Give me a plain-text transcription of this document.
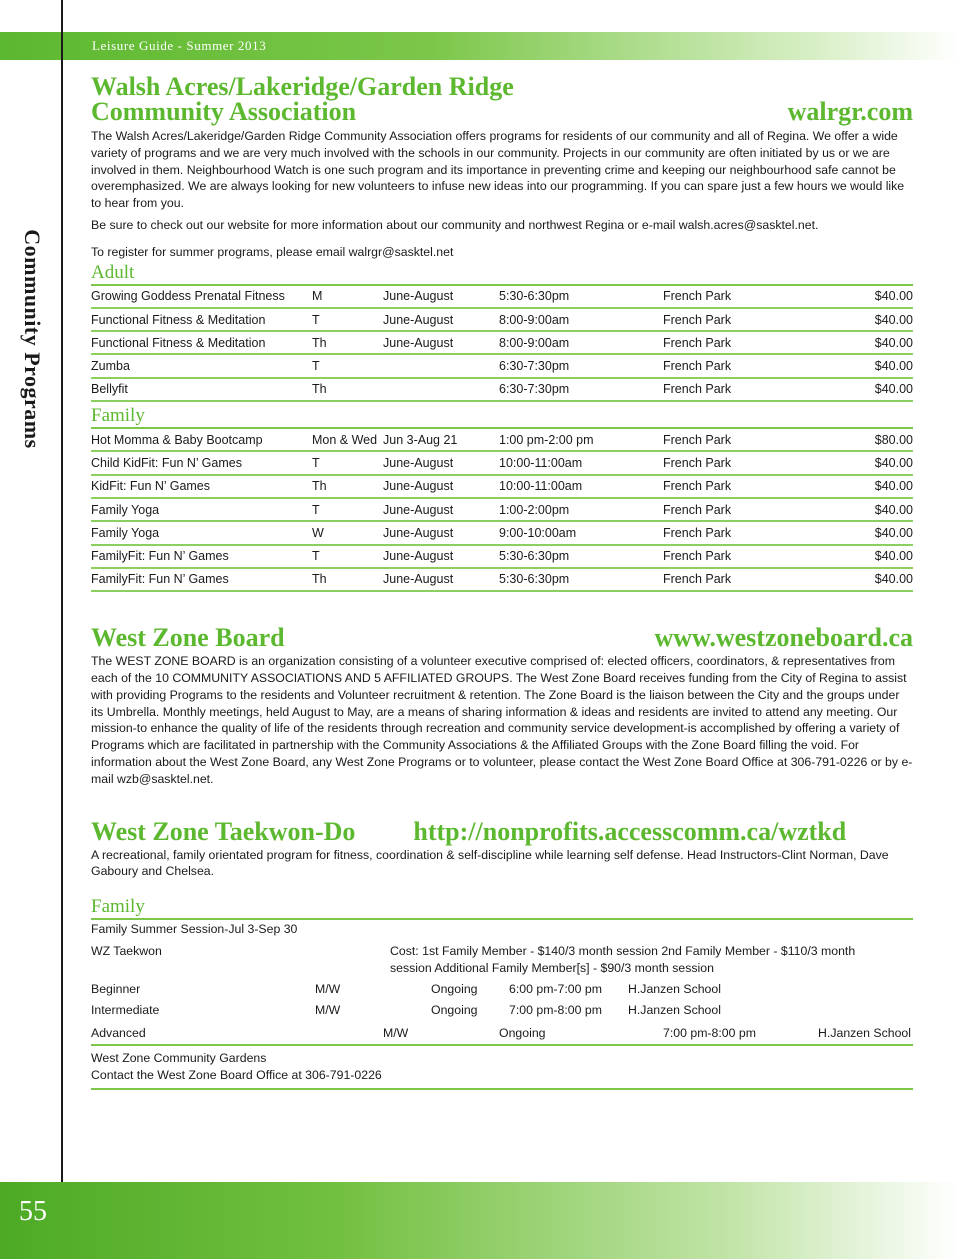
Leisure Guide - Summer 2013
Community Programs
55
Walsh Acres/Lakeridge/Garden Ridge
Community Association	walrgr.com

The Walsh Acres/Lakeridge/Garden Ridge Community Association offers programs for residents of our community and all of Regina. We offer a wide variety of programs and we are very much involved with the schools in our community. Projects in our community are often initiated by us or we are involved in them. Neighbourhood Watch is one such program and its importance in preventing crime and keeping our neighbourhood safe cannot be overemphasized. We are always looking for new volunteers to infuse new ideas into our programming. If you can spare just a few hours we would like to hear from you.

Be sure to check out our website for more information about our community and northwest Regina or e-mail walsh.acres@sasktel.net.

To register for summer programs, please email walrgr@sasktel.net

Adult
Growing Goddess Prenatal Fitness	M	June-August	5:30-6:30pm	French Park	$40.00
Functional Fitness & Meditation	T	June-August	8:00-9:00am	French Park	$40.00
Functional Fitness & Meditation	Th	June-August	8:00-9:00am	French Park	$40.00
Zumba	T		6:30-7:30pm	French Park	$40.00
Bellyfit	Th		6:30-7:30pm	French Park	$40.00
Family
Hot Momma & Baby Bootcamp	Mon & Wed	Jun 3-Aug 21	1:00 pm-2:00 pm	French Park	$80.00
Child KidFit: Fun N’ Games	T	June-August	10:00-11:00am	French Park	$40.00
KidFit: Fun N’ Games	Th	June-August	10:00-11:00am	French Park	$40.00
Family Yoga	T	June-August	1:00-2:00pm	French Park	$40.00
Family Yoga	W	June-August	9:00-10:00am	French Park	$40.00
FamilyFit: Fun N’ Games	T	June-August	5:30-6:30pm	French Park	$40.00
FamilyFit: Fun N’ Games	Th	June-August	5:30-6:30pm	French Park	$40.00
West Zone Board	www.westzoneboard.ca

The WEST ZONE BOARD is an organization consisting of a volunteer executive comprised of: elected officers, coordinators, & representatives from each of the 10 COMMUNITY ASSOCIATIONS AND 5 AFFILIATED GROUPS. The West Zone Board receives funding from the City of Regina to assist with providing Programs to the residents and Volunteer recruitment & retention. The Zone Board is the liaison between the City and the groups under its Umbrella. Monthly meetings, held August to May, are a means of sharing information & ideas and residents are invited to attend any meeting. Our mission-to enhance the quality of life of the residents through recreation and community service development-is accomplished by offering a variety of Programs which are facilitated in partnership with the Community Associations & the Affiliated Groups with the Zone Board filling the void. For information about the West Zone Board, any West Zone Programs or to volunteer, please contact the West Zone Board Office at 306-791-0226 or by e-mail wzb@sasktel.net.

West Zone Taekwon-Do http://nonprofits.accesscomm.ca/wztkd

A recreational, family orientated program for fitness, coordination & self-discipline while learning self defense. Head Instructors-Clint Norman, Dave Gaboury and Chelsea.

Family
Family Summer Session-Jul 3-Sep 30
WZ Taekwon	Cost: 1st Family Member - $140/3 month session 2nd Family Member - $110/3 month
session Additional Family Member[s] - $90/3 month session
Beginner	M/W	Ongoing	6:00 pm-7:00 pm H.Janzen School
Intermediate	M/W	Ongoing	7:00 pm-8:00 pm H.Janzen School
Advanced	M/W	Ongoing	7:00 pm-8:00 pm	H.Janzen School
West Zone Community Gardens
Contact the West Zone Board Office at 306-791-0226
